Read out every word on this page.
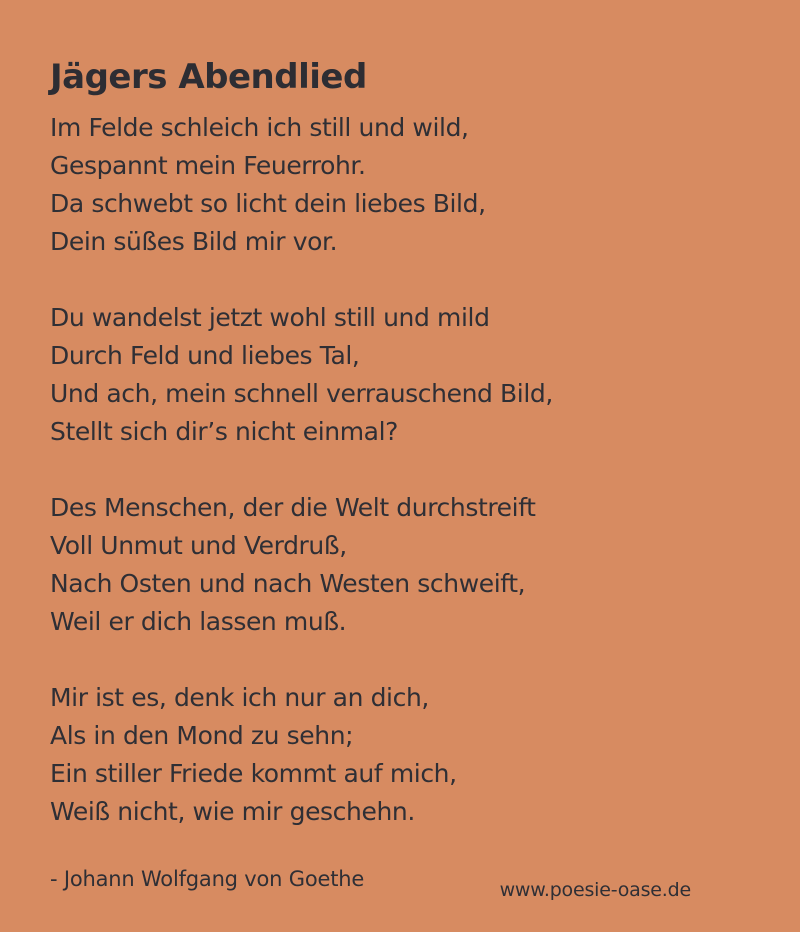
Jägers Abendlied
Im Felde schleich ich still und wild,
Gespannt mein Feuerrohr.
Da schwebt so licht dein liebes Bild,
Dein süßes Bild mir vor.
Du wandelst jetzt wohl still und mild
Durch Feld und liebes Tal,
Und ach, mein schnell verrauschend Bild,
Stellt sich dir’s nicht einmal?
Des Menschen, der die Welt durchstreift
Voll Unmut und Verdruß,
Nach Osten und nach Westen schweift,
Weil er dich lassen muß.
Mir ist es, denk ich nur an dich,
Als in den Mond zu sehn;
Ein stiller Friede kommt auf mich,
Weiß nicht, wie mir geschehn.
- Johann Wolfgang von Goethe	www.poesie-oase.de
